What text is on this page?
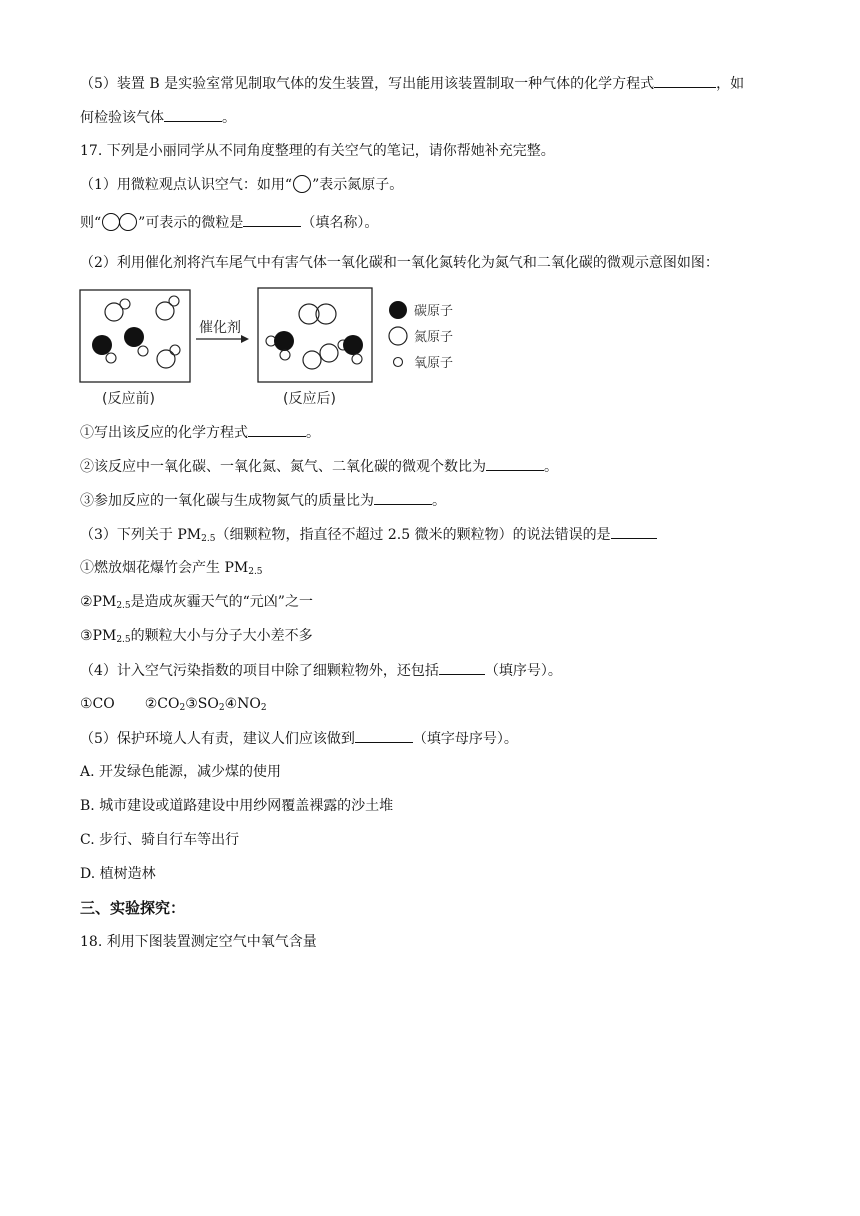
（5）装置 B 是实验室常见制取气体的发生装置，写出能用该装置制取一种气体的化学方程式	，如
何检验该气体	。
17. 下列是小丽同学从不同角度整理的有关空气的笔记，请你帮她补充完整。
（1）用微粒观点认识空气：如用“ ”表示氮原子。
则“	”可表示的微粒是	（填名称）。
（2）利用催化剂将汽车尾气中有害气体一氧化碳和一氧化氮转化为氮气和二氧化碳的微观示意图如图：
催化剂
(反应前)	(反应后)
碳原子
氮原子
氧原子
①写出该反应的化学方程式	。
②该反应中一氧化碳、一氧化氮、氮气、二氧化碳的微观个数比为	。
③参加反应的一氧化碳与生成物氮气的质量比为	。
（3）下列关于 $PM_{2.5}$（细颗粒物，指直径不超过 2.5 微米的颗粒物）的说法错误的是
①燃放烟花爆竹会产生 $PM_{2.5}$
$②PM_{2.5}$是造成灰霾天气的“元凶”之一
$③PM_{2.5}$的颗粒大小与分子大小差不多
（4）计入空气污染指数的项目中除了细颗粒物外，还包括	（填序号）。
①CO $②CO_2③SO_2④NO_2$
（5）保护环境人人有责，建议人们应该做到	（填字母序号）。
A. 开发绿色能源，减少煤的使用
B. 城市建设或道路建设中用纱网覆盖裸露的沙土堆
C. 步行、骑自行车等出行
D. 植树造林
三、实验探究：
18. 利用下图装置测定空气中氧气含量
